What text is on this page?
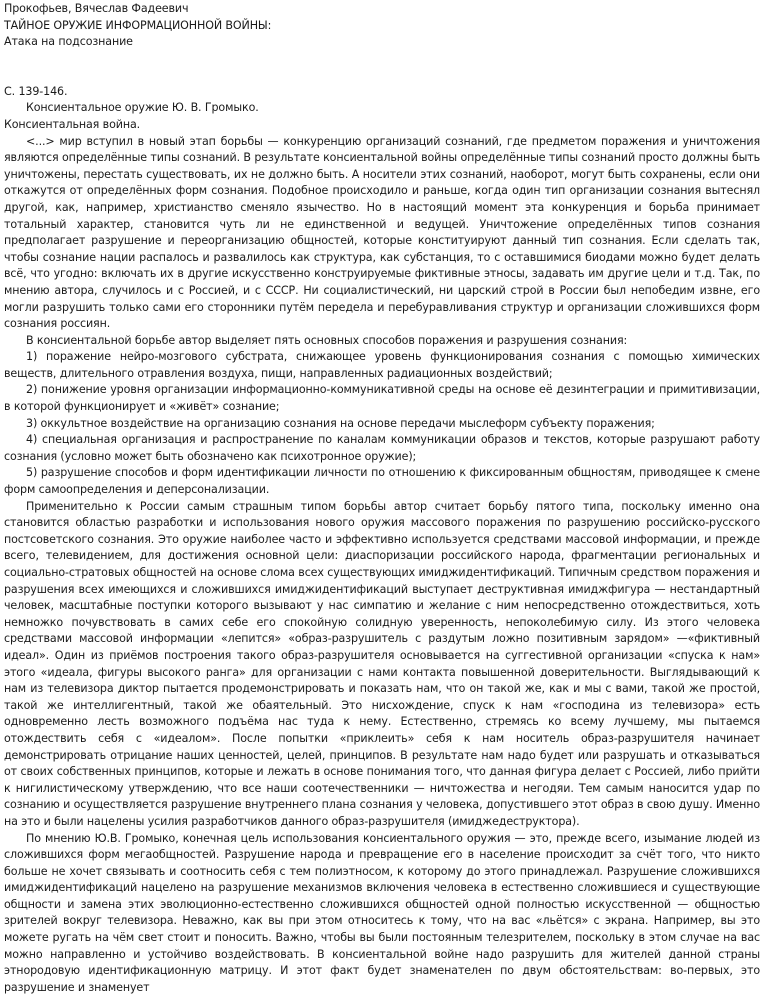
Прокофьев, Вячеслав Фадеевич
ТАЙНОЕ ОРУЖИЕ ИНФОРМАЦИОННОЙ ВОЙНЫ:
Атака на подсознание
С. 139-146.
Консиентальное оружие Ю. В. Громыко.
Консиентальная война.

<...> мир вступил в новый этап борьбы — конкуренцию организаций сознаний, где предметом поражения и уничтожения являются определённые типы сознаний. В результате консиентальной войны определённые типы сознаний просто должны быть уничтожены, перестать существовать, их не должно быть. А носители этих сознаний, наоборот, могут быть сохранены, если они откажутся от определённых форм сознания. Подобное происходило и раньше, когда один тип организации сознания вытеснял другой, как, например, христианство сменяло язычество. Но в настоящий момент эта конкуренция и борьба принимает тотальный характер, становится чуть ли не единственной и ведущей. Уничтожение определённых типов сознания предполагает разрушение и переорганизацию общностей, которые конституируют данный тип сознания. Если сделать так, чтобы сознание нации распалось и развалилось как структура, как субстанция, то с оставшимися биодами можно будет делать всё, что угодно: включать их в другие искусственно конструируемые фиктивные этносы, задавать им другие цели и т.д. Так, по мнению автора, случилось и с Россией, и с СССР. Ни социалистический, ни царский строй в России был непобедим извне, его могли разрушить только сами его сторонники путём передела и перебуравливания структур и организации сложившихся форм сознания россиян.

В консиентальной борьбе автор выделяет пять основных способов поражения и разрушения сознания:

1) поражение нейро-мозгового субстрата, снижающее уровень функционирования сознания с помощью химических веществ, длительного отравления воздуха, пищи, направленных радиационных воздействий;

2) понижение уровня организации информационно-коммуникативной среды на основе её дезинтеграции и примитивизации, в которой функционирует и «живёт» сознание;

3) оккультное воздействие на организацию сознания на основе передачи мыслеформ субъекту поражения;

4) специальная организация и распространение по каналам коммуникации образов и текстов, которые разрушают работу сознания (условно может быть обозначено как психотронное оружие);

5) разрушение способов и форм идентификации личности по отношению к фиксированным общностям, приводящее к смене форм самоопределения и деперсонализации.

Применительно к России самым страшным типом борьбы автор считает борьбу пятого типа, поскольку именно она становится областью разработки и использования нового оружия массового поражения по разрушению российско-русского постсоветского сознания. Это оружие наиболее часто и эффективно используется средствами массовой информации, и прежде всего, телевидением, для достижения основной цели: диаспоризации российского народа, фрагментации региональных и социально-стратовых общностей на основе слома всех существующих имиджидентификаций. Типичным средством поражения и разрушения всех имеющихся и сложившихся имиджидентификаций выступает деструктивная имиджфигура — нестандартный человек, масштабные поступки которого вызывают у нас симпатию и желание с ним непосредственно отождествиться, хоть немножко почувствовать в самих себе его спокойную солидную уверенность, непоколебимую силу. Из этого человека средствами массовой информации «лепится» «образ-разрушитель с раздутым ложно позитивным зарядом» —«фиктивный идеал». Один из приёмов построения такого образ-разрушителя основывается на суггестивной организации «спуска к нам» этого «идеала, фигуры высокого ранга» для организации с нами контакта повышенной доверительности. Выглядывающий к нам из телевизора диктор пытается продемонстрировать и показать нам, что он такой же, как и мы с вами, такой же простой, такой же интеллигентный, такой же обаятельный. Это нисхождение, спуск к нам «господина из телевизора» есть одновременно лесть возможного подъёма нас туда к нему. Естественно, стремясь ко всему лучшему, мы пытаемся отождествить себя с «идеалом». После попытки «приклеить» себя к нам носитель образ-разрушителя начинает демонстрировать отрицание наших ценностей, целей, принципов. В результате нам надо будет или разрушать и отказываться от своих собственных принципов, которые и лежать в основе понимания того, что данная фигура делает с Россией, либо прийти к нигилистическому утверждению, что все наши соотечественники — ничтожества и негодяи. Тем самым наносится удар по сознанию и осуществляется разрушение внутреннего плана сознания у человека, допустившего этот образ в свою душу. Именно на это и были нацелены усилия разработчиков данного образ-разрушителя (имиджедеструктора).

По мнению Ю.В. Громыко, конечная цель использования консиентального оружия — это, прежде всего, изымание людей из сложившихся форм мегаобщностей. Разрушение народа и превращение его в население происходит за счёт того, что никто больше не хочет связывать и соотносить себя с тем полиэтносом, к которому до этого принадлежал. Разрушение сложившихся имиджидентификаций нацелено на разрушение механизмов включения человека в естественно сложившиеся и существующие общности и замена этих эволюционно-естественно сложившихся общностей одной полностью искусственной — общностью зрителей вокруг телевизора. Неважно, как вы при этом относитесь к тому, что на вас «льётся» с экрана. Например, вы это можете ругать на чём свет стоит и поносить. Важно, чтобы вы были постоянным телезрителем, поскольку в этом случае на вас можно направленно и устойчиво воздействовать. В консиентальной войне надо разрушить для жителей данной страны этнородовую идентификационную матрицу. И этот факт будет знаменателен по двум обстоятельствам: во-первых, это разрушение и знаменует
